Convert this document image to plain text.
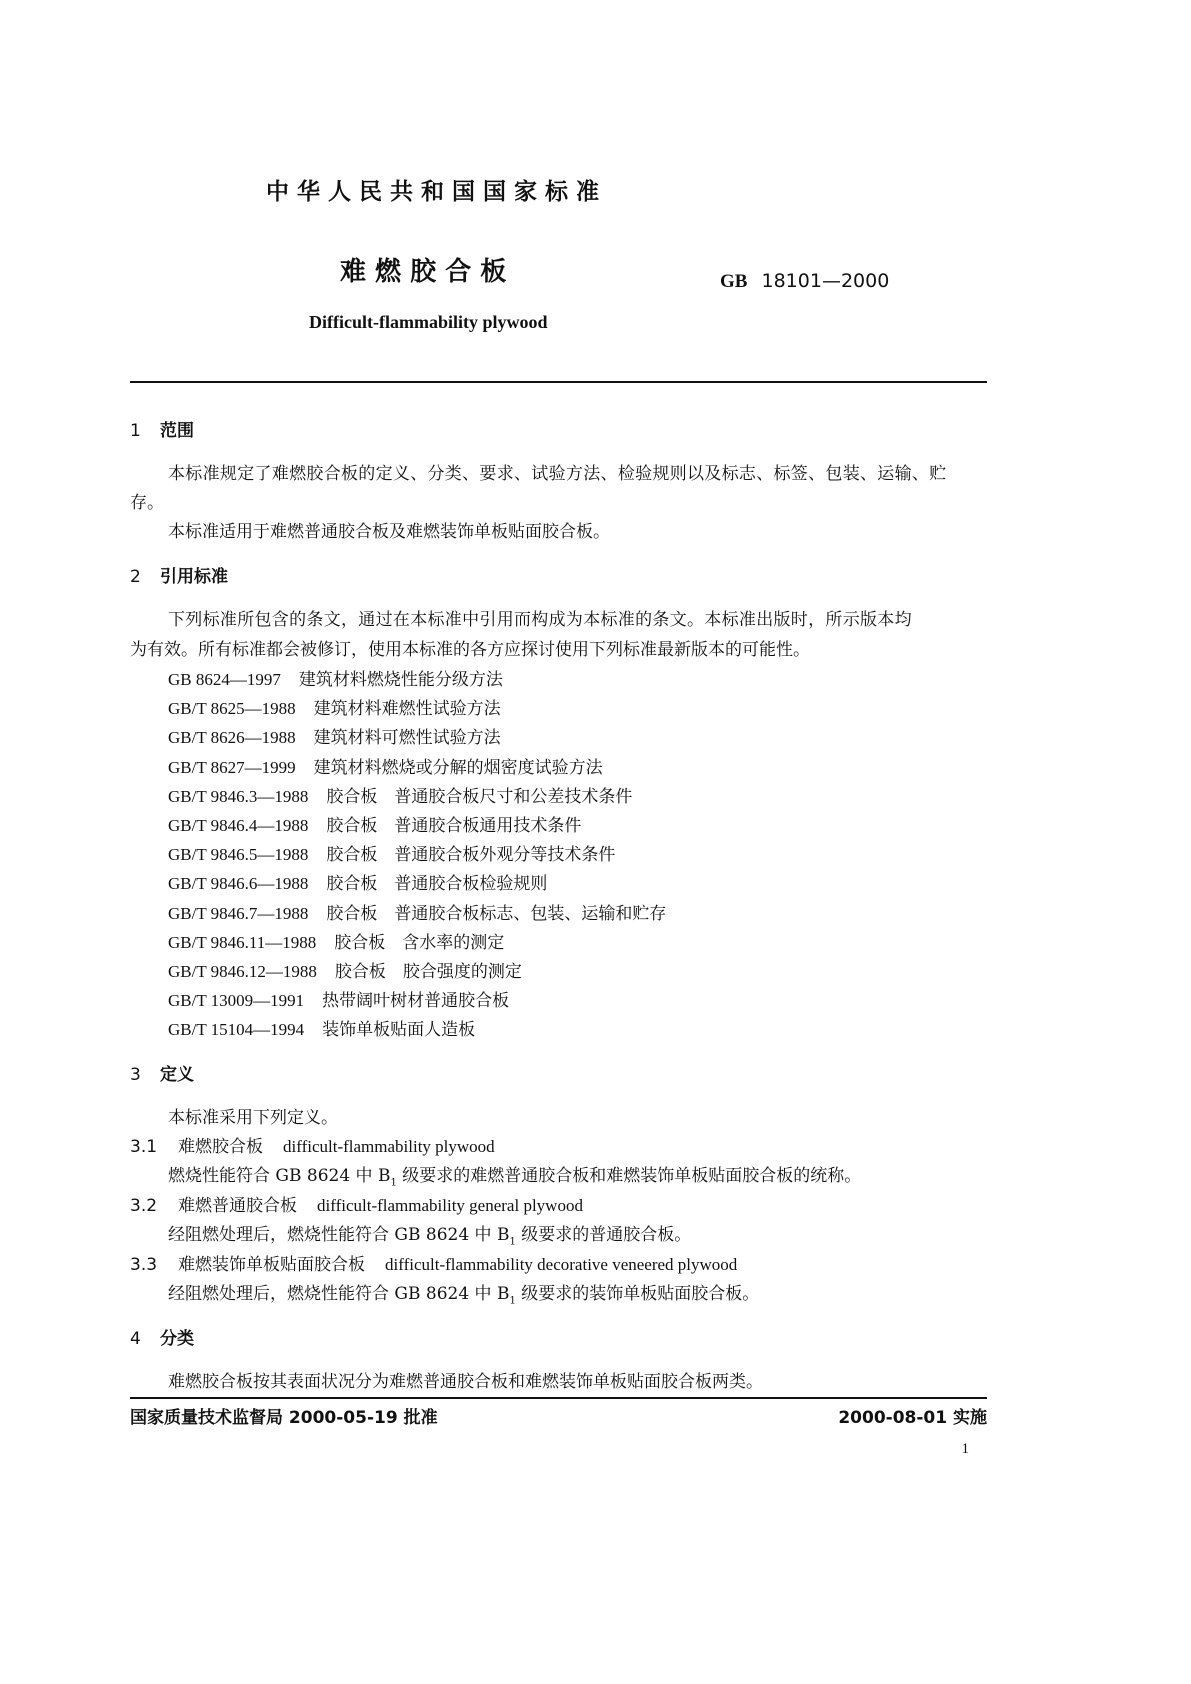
中华人民共和国国家标准
难 燃 胶 合 板	GB 18101—2000
Difficult-flammability plywood
1 范围
本标准规定了难燃胶合板的定义、分类、要求、试验方法、检验规则以及标志、标签、包装、运输、贮
存。
本标准适用于难燃普通胶合板及难燃装饰单板贴面胶合板。
2 引用标准
下列标准所包含的条文，通过在本标准中引用而构成为本标准的条文。本标准出版时，所示版本均
为有效。所有标准都会被修订，使用本标准的各方应探讨使用下列标准最新版本的可能性。
GB 8624—1997 建筑材料燃烧性能分级方法
GB/T 8625—1988 建筑材料难燃性试验方法
GB/T 8626—1988 建筑材料可燃性试验方法
GB/T 8627—1999 建筑材料燃烧或分解的烟密度试验方法
GB/T 9846.3—1988 胶合板　普通胶合板尺寸和公差技术条件
GB/T 9846.4—1988 胶合板　普通胶合板通用技术条件
GB/T 9846.5—1988 胶合板　普通胶合板外观分等技术条件
GB/T 9846.6—1988 胶合板　普通胶合板检验规则
GB/T 9846.7—1988 胶合板　普通胶合板标志、包装、运输和贮存
GB/T 9846.11—1988 胶合板　含水率的测定
GB/T 9846.12—1988 胶合板　胶合强度的测定
GB/T 13009—1991 热带阔叶树材普通胶合板
GB/T 15104—1994 装饰单板贴面人造板
3 定义
本标准采用下列定义。
3.1 难燃胶合板 difficult-flammability plywood
燃烧性能符合 GB 8624 中 $B_1$ 级要求的难燃普通胶合板和难燃装饰单板贴面胶合板的统称。
3.2 难燃普通胶合板 difficult-flammability general plywood
经阻燃处理后，燃烧性能符合 GB 8624 中 $B_1$ 级要求的普通胶合板。
3.3 难燃装饰单板贴面胶合板 difficult-flammability decorative veneered plywood
经阻燃处理后，燃烧性能符合 GB 8624 中 $B_1$ 级要求的装饰单板贴面胶合板。
4 分类
难燃胶合板按其表面状况分为难燃普通胶合板和难燃装饰单板贴面胶合板两类。
国家质量技术监督局 2000-05-19 批准	2000-08-01 实施
1
